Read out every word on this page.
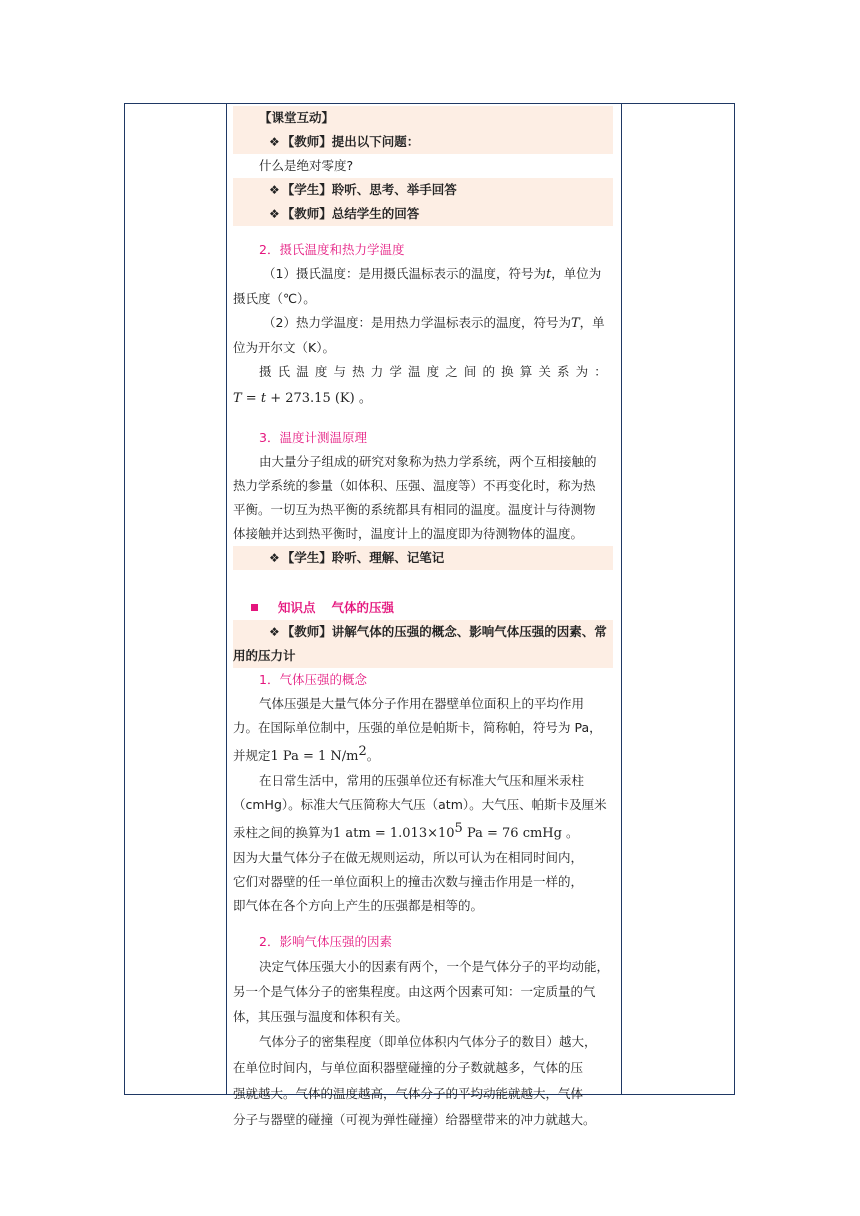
【课堂互动】
❖ 【教师】提出以下问题：
什么是绝对零度?
❖ 【学生】聆听、思考、举手回答
❖ 【教师】总结学生的回答
2．摄氏温度和热力学温度
（1）摄氏温度：是用摄氏温标表示的温度，符号为t，单位为
摄氏度（℃）。
（2）热力学温度：是用热力学温标表示的温度，符号为T，单
位为开尔文（K）。
摄 氏 温 度 与 热 力 学 温 度 之 间 的 换 算 关 系 为 ：
T = t + 273.15 (K) 。
3．温度计测温原理
由大量分子组成的研究对象称为热力学系统，两个互相接触的
热力学系统的参量（如体积、压强、温度等）不再变化时，称为热
平衡。一切互为热平衡的系统都具有相同的温度。温度计与待测物
体接触并达到热平衡时，温度计上的温度即为待测物体的温度。
❖ 【学生】聆听、理解、记笔记
知识点 气体的压强
❖ 【教师】讲解气体的压强的概念、影响气体压强的因素、常
用的压力计
1．气体压强的概念
气体压强是大量气体分子作用在器壁单位面积上的平均作用
力。在国际单位制中，压强的单位是帕斯卡，简称帕，符号为 Pa，
并规定1 Pa = 1 $N/m^2$。
在日常生活中，常用的压强单位还有标准大气压和厘米汞柱
（cmHg）。标准大气压简称大气压（atm）。大气压、帕斯卡及厘米
汞柱之间的换算为1 atm = $1.013\times 10^5$ Pa = 76 cmHg 。
因为大量气体分子在做无规则运动，所以可认为在相同时间内，
它们对器壁的任一单位面积上的撞击次数与撞击作用是一样的，
即气体在各个方向上产生的压强都是相等的。
2．影响气体压强的因素
决定气体压强大小的因素有两个，一个是气体分子的平均动能，
另一个是气体分子的密集程度。由这两个因素可知：一定质量的气
体，其压强与温度和体积有关。
气体分子的密集程度（即单位体积内气体分子的数目）越大，
在单位时间内，与单位面积器壁碰撞的分子数就越多，气体的压
强就越大。气体的温度越高，气体分子的平均动能就越大，气体
分子与器壁的碰撞（可视为弹性碰撞）给器壁带来的冲力就越大。
